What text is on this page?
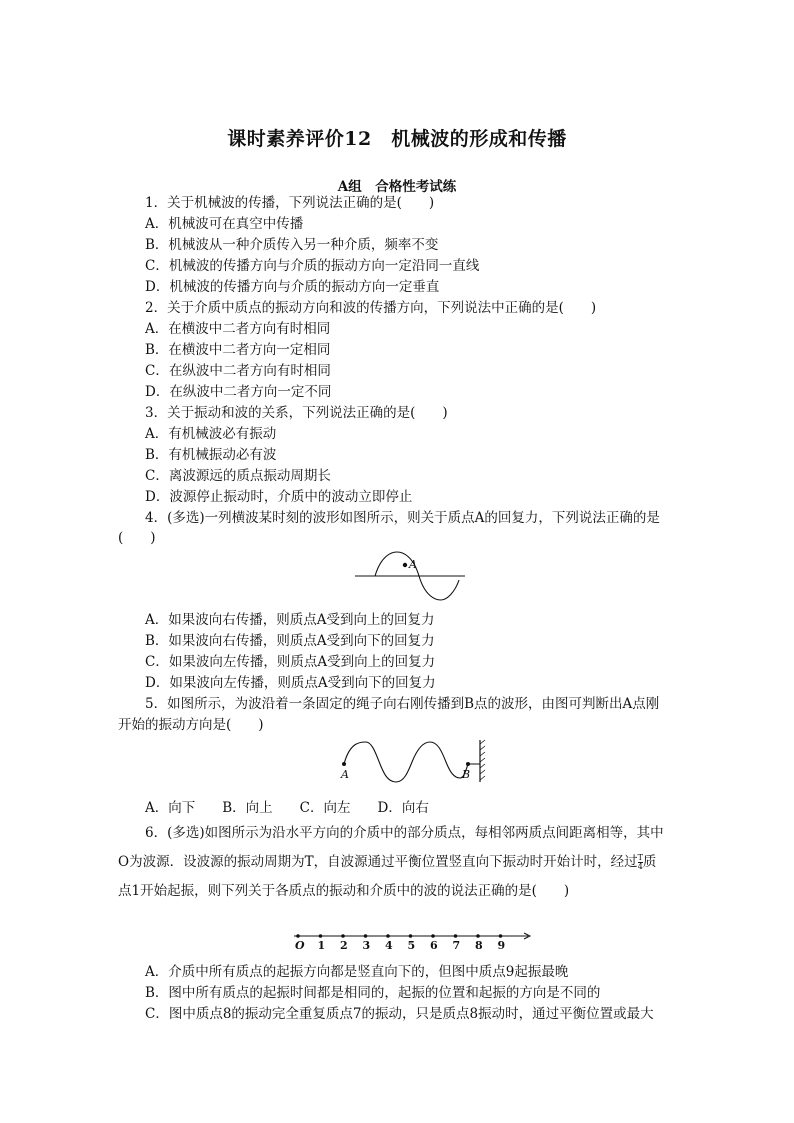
课时素养评价12　机械波的形成和传播
A组　合格性考试练
1．关于机械波的传播，下列说法正确的是(　　)
A．机械波可在真空中传播
B．机械波从一种介质传入另一种介质，频率不变
C．机械波的传播方向与介质的振动方向一定沿同一直线
D．机械波的传播方向与介质的振动方向一定垂直
2．关于介质中质点的振动方向和波的传播方向，下列说法中正确的是(　　)
A．在横波中二者方向有时相同
B．在横波中二者方向一定相同
C．在纵波中二者方向有时相同
D．在纵波中二者方向一定不同
3．关于振动和波的关系，下列说法正确的是(　　)
A．有机械波必有振动
B．有机械振动必有波
C．离波源远的质点振动周期长
D．波源停止振动时，介质中的波动立即停止
4．(多选)一列横波某时刻的波形如图所示，则关于质点A的回复力，下列说法正确的是
(　　)
A
A．如果波向右传播，则质点A受到向上的回复力
B．如果波向右传播，则质点A受到向下的回复力
C．如果波向左传播，则质点A受到向上的回复力
D．如果波向左传播，则质点A受到向下的回复力
5．如图所示，为波沿着一条固定的绳子向右刚传播到B点的波形，由图可判断出A点刚
开始的振动方向是(　　)
A	B
A．向下　　B．向上　　C．向左　　D．向右
6．(多选)如图所示为沿水平方向的介质中的部分质点，每相邻两质点间距离相等，其中
O为波源．设波源的振动周期为T，自波源通过平衡位置竖直向下振动时开始计时，经过 $\frac{T}{4}$ 质
点1开始起振，则下列关于各质点的振动和介质中的波的说法正确的是(　　)
O 1 2 3 4 5 6 7 8 9
A．介质中所有质点的起振方向都是竖直向下的，但图中质点9起振最晚
B．图中所有质点的起振时间都是相同的，起振的位置和起振的方向是不同的
C．图中质点8的振动完全重复质点7的振动，只是质点8振动时，通过平衡位置或最大
